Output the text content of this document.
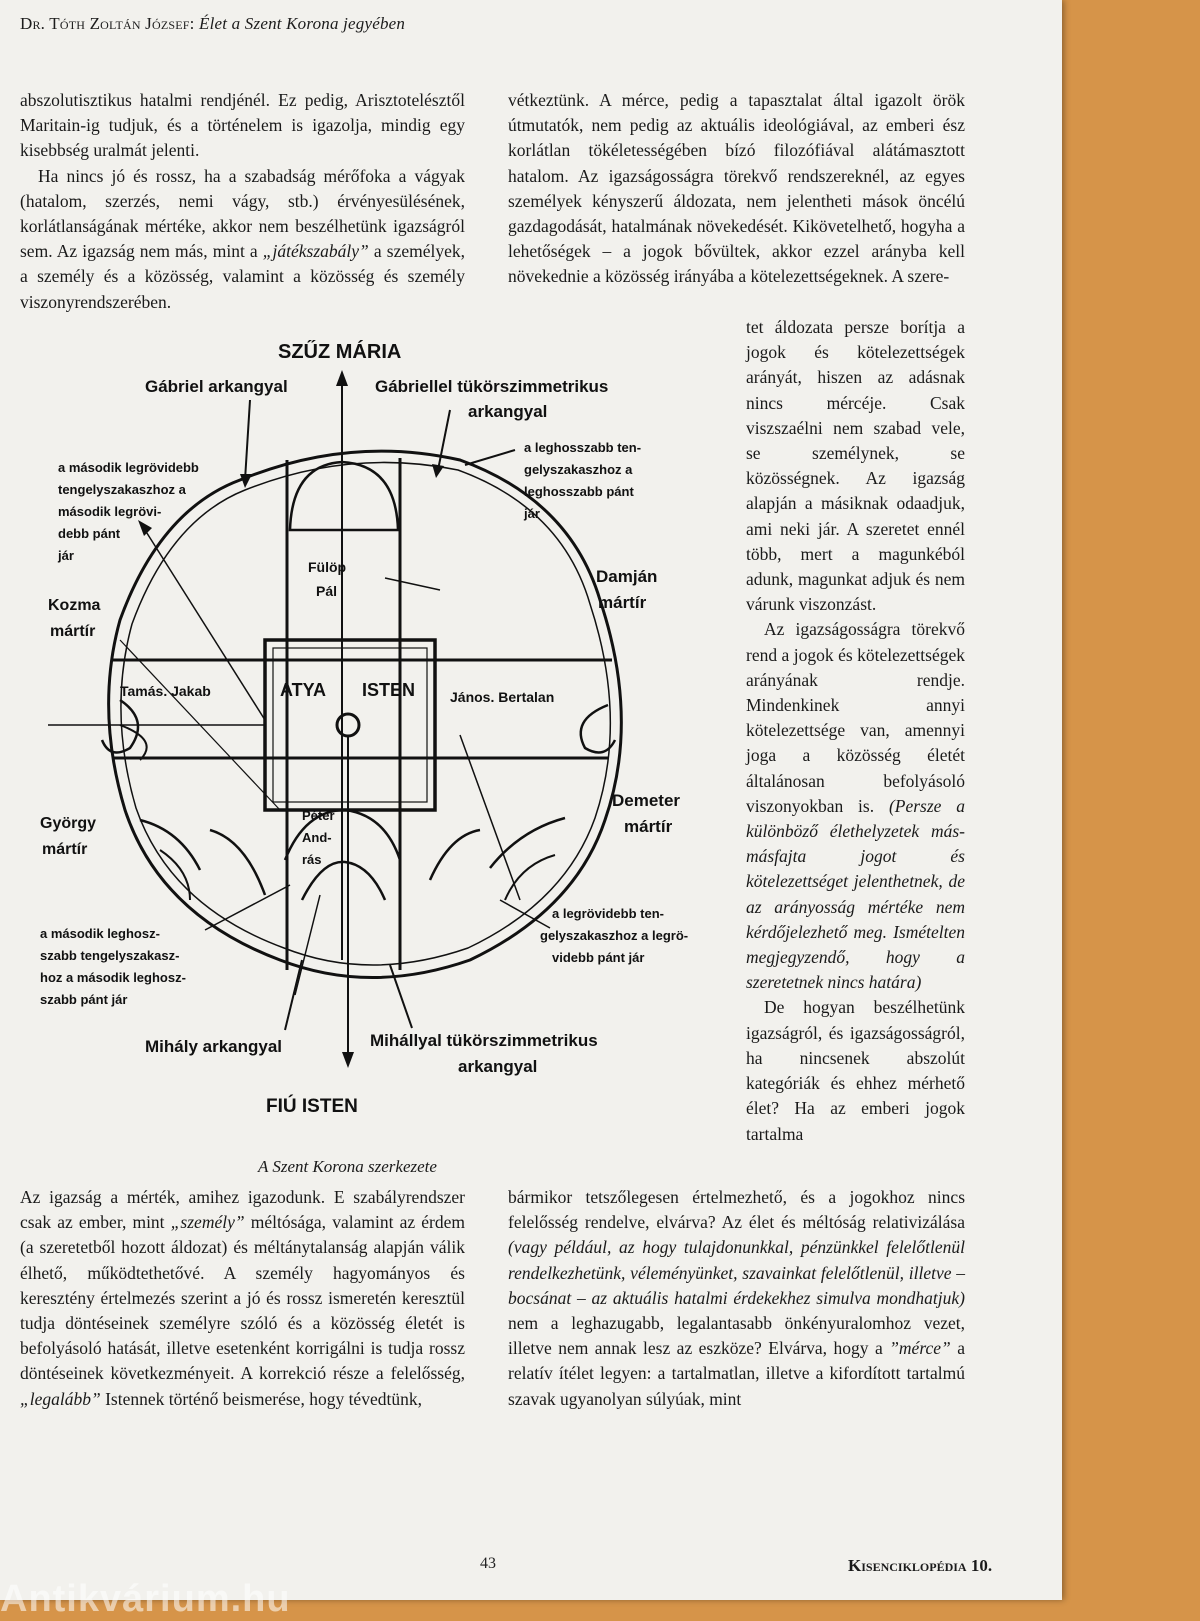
Dr. Tóth Zoltán József: Élet a Szent Korona jegyében

abszolutisztikus hatalmi rendjénél. Ez pedig, Arisztotelésztől Maritain-ig tudjuk, és a történelem is igazolja, mindig egy kisebbség uralmát jelenti.

Ha nincs jó és rossz, ha a szabadság mérőfoka a vágyak (hatalom, szerzés, nemi vágy, stb.) érvényesülésének, korlátlanságának mértéke, akkor nem beszélhetünk igazságról sem. Az igazság nem más, mint a „játékszabály” a személyek, a személy és a közösség, valamint a közösség és személy viszonyrendszerében.

vétkeztünk. A mérce, pedig a tapasztalat által igazolt örök útmutatók, nem pedig az aktuális ideológiával, az emberi ész korlátlan tökéletességében bízó filozófiával alátámasztott hatalom. Az igazságosságra törekvő rendszereknél, az egyes személyek kényszerű áldozata, nem jelentheti mások öncélú gazdagodását, hatalmának növekedését. Kikövetelhető, hogyha a lehetőségek – a jogok bővültek, akkor ezzel arányba kell növekednie a közösség irányába a kötelezettségeknek. A szere-

tet áldozata persze borítja a jogok és kötelezettségek arányát, hiszen az adásnak nincs mércéje. Csak viszszaélni nem szabad vele, se személynek, se közösségnek. Az igazság alapján a másiknak odaadjuk, ami neki jár. A szeretet ennél több, mert a magunkéból adunk, magunkat adjuk és nem várunk viszonzást.

Az igazságosságra törekvő rend a jogok és kötelezettségek arányának rendje. Mindenkinek annyi kötelezettsége van, amennyi joga a közösség életét általánosan befolyásoló viszonyokban is. (Persze a különböző élethelyzetek más-másfajta jogot és kötelezettséget jelenthetnek, de az arányosság mértéke nem kérdőjelezhető meg. Ismételten megjegyzendő, hogy a szeretetnek nincs határa)

De hogyan beszélhetünk igazságról, és igazságosságról, ha nincsenek abszolút kategóriák és ehhez mérhető élet? Ha az emberi jogok tartalma

Az igazság a mérték, amihez igazodunk. E szabályrendszer csak az ember, mint „személy” méltósága, valamint az érdem (a szeretetből hozott áldozat) és méltánytalanság alapján válik élhető, működtethetővé. A személy hagyományos és keresztény értelmezés szerint a jó és rossz ismeretén keresztül tudja döntéseinek személyre szóló és a közösség életét is befolyásoló hatását, illetve esetenként korrigálni is tudja rossz döntéseinek következményeit. A korrekció része a felelősség, „legalább” Istennek történő beismerése, hogy tévedtünk,

bármikor tetszőlegesen értelmezhető, és a jogokhoz nincs felelősség rendelve, elvárva? Az élet és méltóság relativizálása (vagy például, az hogy tulajdonunkkal, pénzünkkel felelőtlenül rendelkezhetünk, véleményünket, szavainkat felelőtlenül, illetve – bocsánat – az aktuális hatalmi érdekekhez simulva mondhatjuk) nem a leghazugabb, legalantasabb önkényuralomhoz vezet, illetve nem annak lesz az eszköze? Elvárva, hogy a ”mérce” a relatív ítélet legyen: a tartalmatlan, illetve a kifordított tartalmú szavak ugyanolyan súlyúak, mint

SZŰZ MÁRIA
Gábriel arkangyal	Gábriellel tükörszimmetrikus
arkangyal
a leghosszabb ten-
gelyszakaszhoz a
leghosszabb pánt
jár
a második legrövidebb
tengelyszakaszhoz a
második legrövi-
debb pánt
jár
Fülöp
Pál
Damján
mártír
Kozma
mártír
Tamás. Jakab	ATYA ISTEN János. Bertalan
Péter
And-
rás
Demeter
mártír
György
mártír
a legrövidebb ten-
gelyszakaszhoz a legrö-
videbb pánt jár
a második leghosz-
szabb tengelyszakasz-
hoz a második leghosz-
szabb pánt jár
Mihály arkangyal	Mihállyal tükörszimmetrikus
arkangyal
FIÚ ISTEN
A Szent Korona szerkezete
43	Kisenciklopédia 10.
Antikvárium.hu
